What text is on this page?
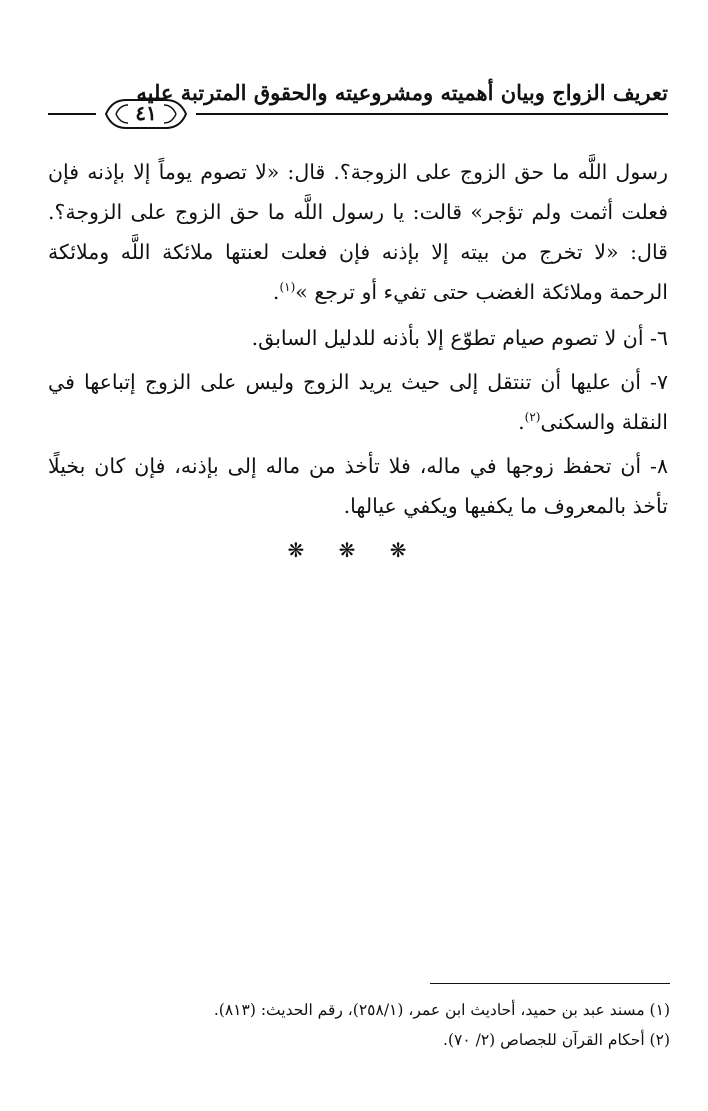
تعريف الزواج وبيان أهميته ومشروعيته والحقوق المترتبة عليه
٤١

رسول اللَّه ما حق الزوج على الزوجة؟. قال: «لا تصوم يوماً إلا بإذنه فإن فعلت أثمت ولم تؤجر» قالت: يا رسول اللَّه ما حق الزوج على الزوجة؟. قال: «لا تخرج من بيته إلا بإذنه فإن فعلت لعنتها ملائكة اللَّه وملائكة الرحمة وملائكة الغضب حتى تفيء أو ترجع »$^{(١)}$.

٦- أن لا تصوم صيام تطوّع إلا بأذنه للدليل السابق.

٧- أن عليها أن تنتقل إلى حيث يريد الزوج وليس على الزوج إتباعها في النقلة والسكنى$^{(٢)}$.

٨- أن تحفظ زوجها في ماله، فلا تأخذ من ماله إلى بإذنه، فإن كان بخيلًا تأخذ بالمعروف ما يكفيها ويكفي عيالها.

❋ ❋ ❋
(١) مسند عبد بن حميد، أحاديث ابن عمر، (٢٥٨/١)، رقم الحديث: (٨١٣).
(٢) أحكام القرآن للجصاص (٢/ ٧٠).
